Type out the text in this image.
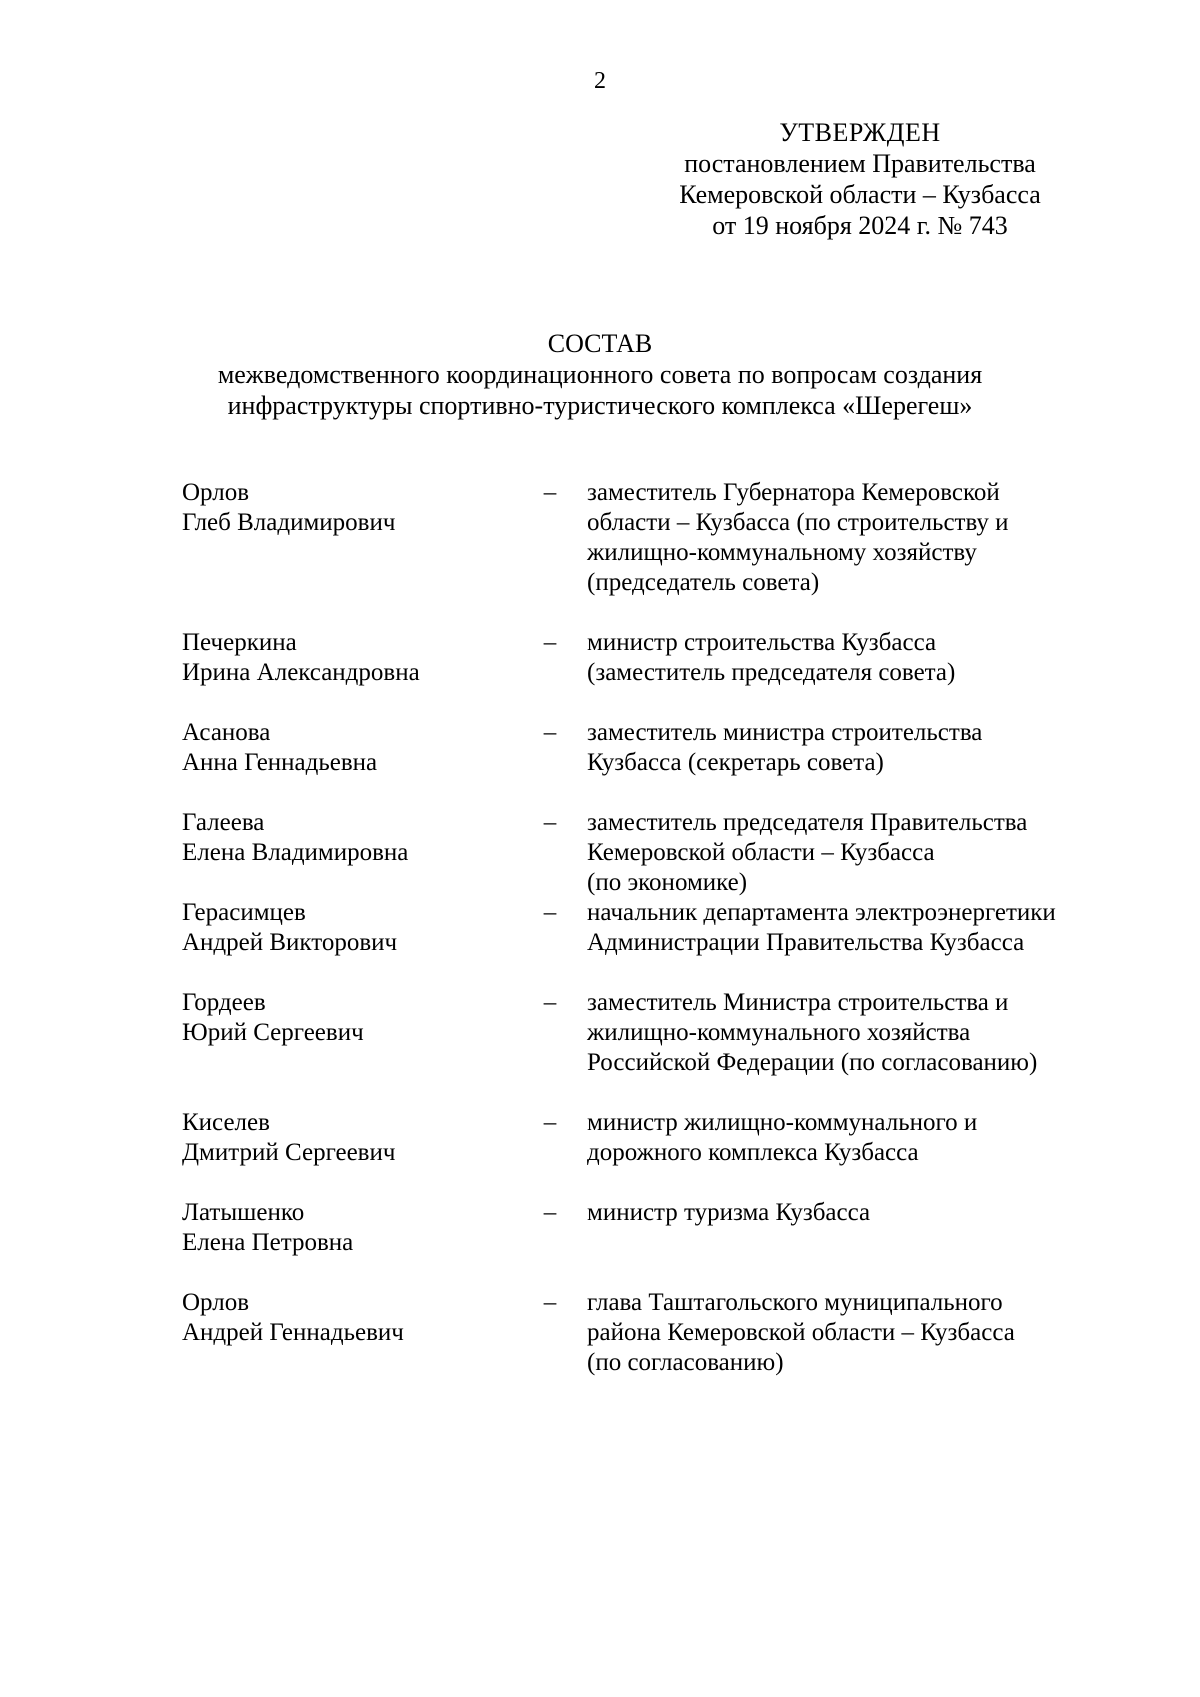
2
УТВЕРЖДЕН
постановлением Правительства
Кемеровской области – Кузбасса
от 19 ноября 2024 г. № 743
СОСТАВ
межведомственного координационного совета по вопросам создания
инфраструктуры спортивно-туристического комплекса «Шерегеш»
Орлов
Глеб Владимирович
– заместитель Губернатора Кемеровской
области – Кузбасса (по строительству и
жилищно-коммунальному хозяйству
(председатель совета)
Печеркина
Ирина Александровна
– министр строительства Кузбасса
(заместитель председателя совета)
Асанова
Анна Геннадьевна
– заместитель министра строительства
Кузбасса (секретарь совета)
Галеева
Елена Владимировна
– заместитель председателя Правительства
Кемеровской области – Кузбасса
(по экономике)
Герасимцев
Андрей Викторович
– начальник департамента электроэнергетики
Администрации Правительства Кузбасса
Гордеев
Юрий Сергеевич
– заместитель Министра строительства и
жилищно-коммунального хозяйства
Российской Федерации (по согласованию)
Киселев
Дмитрий Сергеевич
– министр жилищно-коммунального и
дорожного комплекса Кузбасса
Латышенко
Елена Петровна
– министр туризма Кузбасса
Орлов
Андрей Геннадьевич
– глава Таштагольского муниципального
района Кемеровской области – Кузбасса
(по согласованию)
